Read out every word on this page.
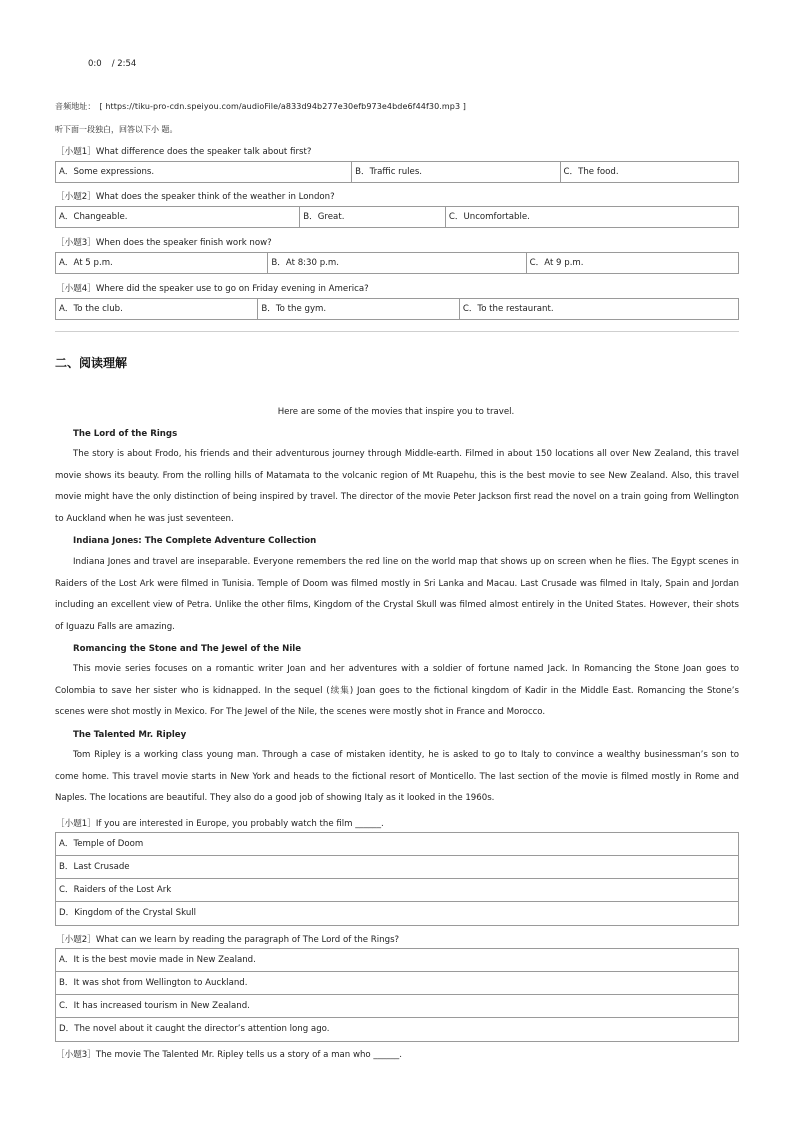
0:0 / 2:54
音频地址： [ https://tiku-pro-cdn.speiyou.com/audioFile/a833d94b277e30efb973e4bde6f44f30.mp3 ]
听下面一段独白，回答以下小 题。
［小题1］What difference does the speaker talk about first?
A．Some expressions.	B．Traffic rules.	C．The food.
［小题2］What does the speaker think of the weather in London?
A．Changeable.	B．Great.	C．Uncomfortable.
［小题3］When does the speaker finish work now?
A．At 5 p.m.	B．At 8:30 p.m.	C．At 9 p.m.
［小题4］Where did the speaker use to go on Friday evening in America?
A．To the club.	B．To the gym.	C．To the restaurant.
二、阅读理解
Here are some of the movies that inspire you to travel.
The Lord of the Rings

The story is about Frodo, his friends and their adventurous journey through Middle-earth. Filmed in about 150 locations all over New Zealand, this travel movie shows its beauty. From the rolling hills of Matamata to the volcanic region of Mt Ruapehu, this is the best movie to see New Zealand. Also, this travel movie might have the only distinction of being inspired by travel. The director of the movie Peter Jackson first read the novel on a train going from Wellington to Auckland when he was just seventeen.

Indiana Jones: The Complete Adventure Collection

Indiana Jones and travel are inseparable. Everyone remembers the red line on the world map that shows up on screen when he flies. The Egypt scenes in Raiders of the Lost Ark were filmed in Tunisia. Temple of Doom was filmed mostly in Sri Lanka and Macau. Last Crusade was filmed in Italy, Spain and Jordan including an excellent view of Petra. Unlike the other films, Kingdom of the Crystal Skull was filmed almost entirely in the United States. However, their shots of Iguazu Falls are amazing.

Romancing the Stone and The Jewel of the Nile

This movie series focuses on a romantic writer Joan and her adventures with a soldier of fortune named Jack. In Romancing the Stone Joan goes to Colombia to save her sister who is kidnapped. In the sequel (续集) Joan goes to the fictional kingdom of Kadir in the Middle East. Romancing the Stone’s scenes were shot mostly in Mexico. For The Jewel of the Nile, the scenes were mostly shot in France and Morocco.

The Talented Mr. Ripley

Tom Ripley is a working class young man. Through a case of mistaken identity, he is asked to go to Italy to convince a wealthy businessman’s son to come home. This travel movie starts in New York and heads to the fictional resort of Monticello. The last section of the movie is filmed mostly in Rome and Naples. The locations are beautiful. They also do a good job of showing Italy as it looked in the 1960s.

［小题1］If you are interested in Europe, you probably watch the film ______.
A．Temple of Doom
B．Last Crusade
C．Raiders of the Lost Ark
D．Kingdom of the Crystal Skull
［小题2］What can we learn by reading the paragraph of The Lord of the Rings?
A．It is the best movie made in New Zealand.
B．It was shot from Wellington to Auckland.
C．It has increased tourism in New Zealand.
D．The novel about it caught the director’s attention long ago.
［小题3］The movie The Talented Mr. Ripley tells us a story of a man who ______.
